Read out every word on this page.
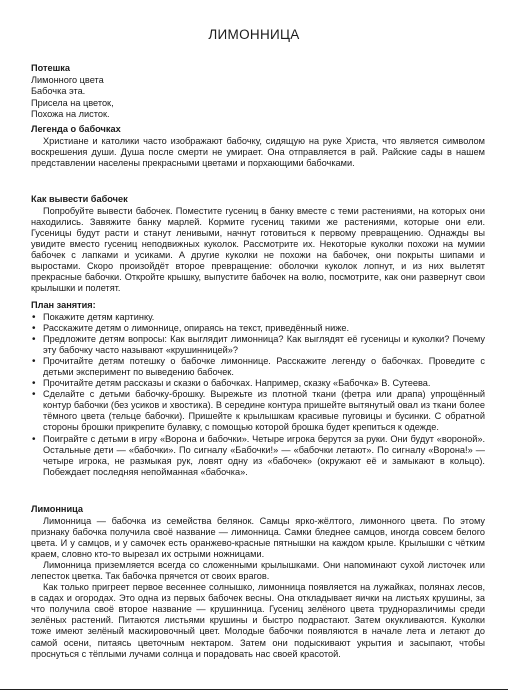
ЛИМОННИЦА

Потешка

Лимонного цвета
Бабочка эта.
Присела на цветок,
Похожа на листок.

Легенда о бабочках

Христиане и католики часто изображают бабочку, сидящую на руке Христа, что является символом воскрешения души. Душа после смерти не умирает. Она отправляется в рай. Райские сады в нашем представлении населены прекрасными цветами и порхающими бабочками.

Как вывести бабочек

Попробуйте вывести бабочек. Поместите гусениц в банку вместе с теми растениями, на которых они находились. Завяжите банку марлей. Кормите гусениц такими же растениями, которые они ели. Гусеницы будут расти и станут ленивыми, начнут готовиться к первому превращению. Однажды вы увидите вместо гусениц неподвижных куколок. Рассмотрите их. Некоторые куколки похожи на мумии бабочек с лапками и усиками. А другие куколки не похожи на бабочек, они покрыты шипами и выростами. Скоро произойдёт второе превращение: оболочки куколок лопнут, и из них вылетят прекрасные бабочки. Откройте крышку, выпустите бабочек на волю, посмотрите, как они развернут свои крылышки и полетят.

План занятия:

• Покажите детям картинку.
• Расскажите детям о лимоннице, опираясь на текст, приведённый ниже.
• Предложите детям вопросы: Как выглядит лимонница? Как выглядят её гусеницы и куколки? Почему эту бабочку часто называют «крушинницей»?
• Прочитайте детям потешку о бабочке лимоннице. Расскажите легенду о бабочках. Проведите с детьми эксперимент по выведению бабочек.
• Прочитайте детям рассказы и сказки о бабочках. Например, сказку «Бабочка» В. Сутеева.
• Сделайте с детьми бабочку-брошку. Вырежьте из плотной ткани (фетра или драпа) упрощённый контур бабочки (без усиков и хвостика). В середине контура пришейте вытянутый овал из ткани более тёмного цвета (тельце бабочки). Пришейте к крылышкам красивые пуговицы и бусинки. С обратной стороны брошки прикрепите булавку, с помощью которой брошка будет крепиться к одежде.
• Поиграйте с детьми в игру «Ворона и бабочки». Четыре игрока берутся за руки. Они будут «вороной». Остальные дети — «бабочки». По сигналу «Бабочки!» — «бабочки летают». По сигналу «Ворона!» — четыре игрока, не размыкая рук, ловят одну из «бабочек» (окружают её и замыкают в кольцо). Побеждает последняя непойманная «бабочка».

Лимонница

Лимонница — бабочка из семейства белянок. Самцы ярко-жёлтого, лимонного цвета. По этому признаку бабочка получила своё название — лимонница. Самки бледнее самцов, иногда совсем белого цвета. И у самцов, и у самочек есть оранжево-красные пятнышки на каждом крыле. Крылышки с чётким краем, словно кто-то вырезал их острыми ножницами.

Лимонница приземляется всегда со сложенными крылышками. Они напоминают сухой листочек или лепесток цветка. Так бабочка прячется от своих врагов.

Как только пригреет первое весеннее солнышко, лимонница появляется на лужайках, полянах лесов, в садах и огородах. Это одна из первых бабочек весны. Она откладывает яички на листьях крушины, за что получила своё второе название — крушинница. Гусениц зелёного цвета трудноразличимы среди зелёных растений. Питаются листьями крушины и быстро подрастают. Затем окукливаются. Куколки тоже имеют зелёный маскировочный цвет. Молодые бабочки появляются в начале лета и летают до самой осени, питаясь цветочным нектаром. Затем они подыскивают укрытия и засыпают, чтобы проснуться с тёплыми лучами солнца и порадовать нас своей красотой.
